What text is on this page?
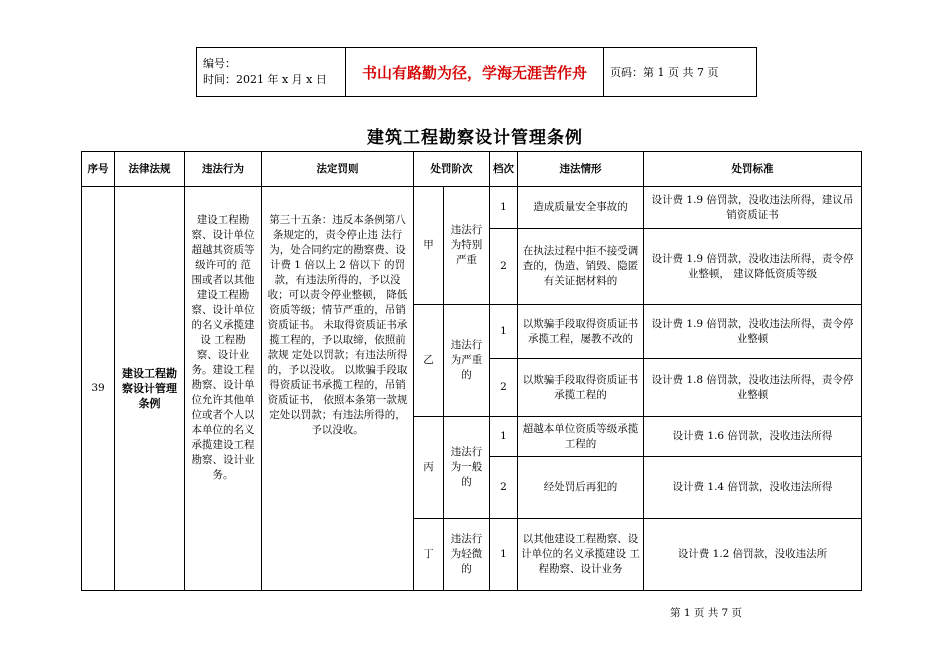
编号：
时间：2021 年 x 月 x 日	书山有路勤为径，学海无涯苦作舟	页码：第 1 页 共 7 页
建筑工程勘察设计管理条例
序号	法律法规	违法行为	法定罚则	处罚阶次		档次	违法情形	处罚标准
39	建设工程勘察设计管理条例	建设工程勘察、设计单位超越其资质等级许可的 范围或者以其他建设工程勘察、设计单位的名义承揽建 设 工程勘察、设计业务。建设工程勘察、设计单位允许其他单位或者个人以本单位的名义承揽建设工程勘察、设计业务。	第三十五条：违反本条例第八条规定的，责令停止违 法行为，处合同约定的勘察费、设计费 1 倍以上 2 倍以下 的罚款，有违法所得的，予以没收；可以责令停业整顿， 降低资质等级；情节严重的，吊销资质证书。 未取得资质证书承揽工程的，予以取缔，依照前款规 定处以罚款；有违法所得的，予以没收。 以欺骗手段取得资质证书承揽工程的，吊销资质证书， 依照本条第一款规定处以罚款；有违法所得的，予以没收。	甲	违法行为特别严重	1	造成质量安全事故的	设计费 1.9 倍罚款，没收违法所得，建议吊销资质证书
						2	在执法过程中拒不接受调查的，伪造、销毁、隐匿有关证据材料的	设计费 1.9 倍罚款，没收违法所得，责令停业整顿， 建议降低资质等级
				乙	违法行为严重的	1	以欺骗手段取得资质证书承揽工程，屡教不改的	设计费 1.9 倍罚款，没收违法所得，责令停业整顿
						2	以欺骗手段取得资质证书承揽工程的	设计费 1.8 倍罚款，没收违法所得，责令停业整顿
				丙	违法行为一般的	1	超越本单位资质等级承揽工程的	设计费 1.6 倍罚款，没收违法所得
						2	经处罚后再犯的	设计费 1.4 倍罚款，没收违法所得
				丁	违法行为轻微的	1	以其他建设工程勘察、设计单位的名义承揽建设 工程勘察、设计业务	设计费 1.2 倍罚款，没收违法所
第 1 页 共 7 页
